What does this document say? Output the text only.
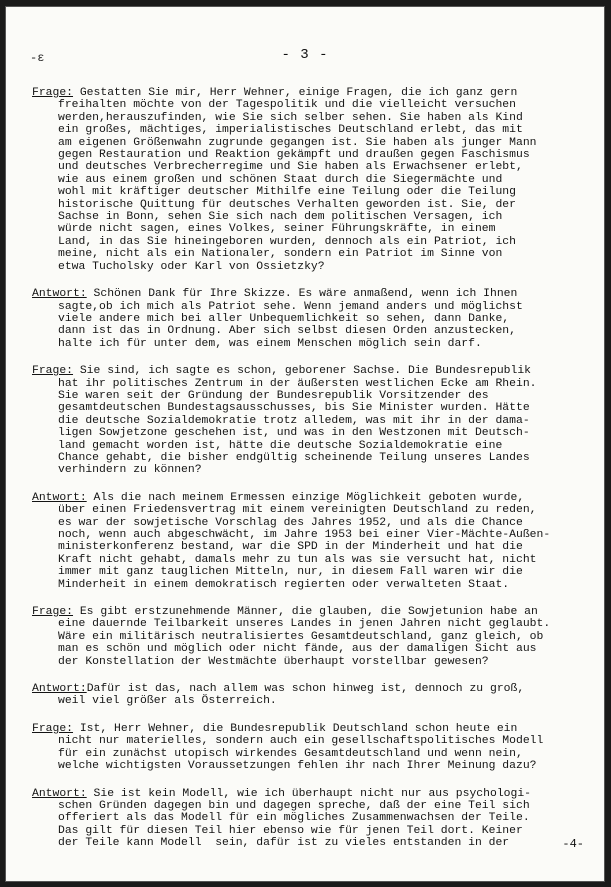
-ε	- 3 -
Frage: Gestatten Sie mir, Herr Wehner, einige Fragen, die ich ganz gern
freihalten möchte von der Tagespolitik und die vielleicht versuchen
werden,herauszufinden, wie Sie sich selber sehen. Sie haben als Kind
ein großes, mächtiges, imperialistisches Deutschland erlebt, das mit
am eigenen Größenwahn zugrunde gegangen ist. Sie haben als junger Mann
gegen Restauration und Reaktion gekämpft und draußen gegen Faschismus
und deutsches Verbrecherregime und Sie haben als Erwachsener erlebt,
wie aus einem großen und schönen Staat durch die Siegermächte und
wohl mit kräftiger deutscher Mithilfe eine Teilung oder die Teilung
historische Quittung für deutsches Verhalten geworden ist. Sie, der
Sachse in Bonn, sehen Sie sich nach dem politischen Versagen, ich
würde nicht sagen, eines Volkes, seiner Führungskräfte, in einem
Land, in das Sie hineingeboren wurden, dennoch als ein Patriot, ich
meine, nicht als ein Nationaler, sondern ein Patriot im Sinne von
etwa Tucholsky oder Karl von Ossietzky?
Antwort: Schönen Dank für Ihre Skizze. Es wäre anmaßend, wenn ich Ihnen
sagte,ob ich mich als Patriot sehe. Wenn jemand anders und möglichst
viele andere mich bei aller Unbequemlichkeit so sehen, dann Danke,
dann ist das in Ordnung. Aber sich selbst diesen Orden anzustecken,
halte ich für unter dem, was einem Menschen möglich sein darf.
Frage: Sie sind, ich sagte es schon, geborener Sachse. Die Bundesrepublik
hat ihr politisches Zentrum in der äußersten westlichen Ecke am Rhein.
Sie waren seit der Gründung der Bundesrepublik Vorsitzender des
gesamtdeutschen Bundestagsausschusses, bis Sie Minister wurden. Hätte
die deutsche Sozialdemokratie trotz alledem, was mit ihr in der dama-
ligen Sowjetzone geschehen ist, und was in den Westzonen mit Deutsch-
land gemacht worden ist, hätte die deutsche Sozialdemokratie eine
Chance gehabt, die bisher endgültig scheinende Teilung unseres Landes
verhindern zu können?
Antwort: Als die nach meinem Ermessen einzige Möglichkeit geboten wurde,
über einen Friedensvertrag mit einem vereinigten Deutschland zu reden,
es war der sowjetische Vorschlag des Jahres 1952, und als die Chance
noch, wenn auch abgeschwächt, im Jahre 1953 bei einer Vier-Mächte-Außen-
ministerkonferenz bestand, war die SPD in der Minderheit und hat die
Kraft nicht gehabt, damals mehr zu tun als was sie versucht hat, nicht
immer mit ganz tauglichen Mitteln, nur, in diesem Fall waren wir die
Minderheit in einem demokratisch regierten oder verwalteten Staat.
Frage: Es gibt erstzunehmende Männer, die glauben, die Sowjetunion habe an
eine dauernde Teilbarkeit unseres Landes in jenen Jahren nicht geglaubt.
Wäre ein militärisch neutralisiertes Gesamtdeutschland, ganz gleich, ob
man es schön und möglich oder nicht fände, aus der damaligen Sicht aus
der Konstellation der Westmächte überhaupt vorstellbar gewesen?
Antwort:Dafür ist das, nach allem was schon hinweg ist, dennoch zu groß,
weil viel größer als Österreich.
Frage: Ist, Herr Wehner, die Bundesrepublik Deutschland schon heute ein
nicht nur materielles, sondern auch ein gesellschaftspolitisches Modell
für ein zunächst utopisch wirkendes Gesamtdeutschland und wenn nein,
welche wichtigsten Voraussetzungen fehlen ihr nach Ihrer Meinung dazu?
Antwort: Sie ist kein Modell, wie ich überhaupt nicht nur aus psychologi-
schen Gründen dagegen bin und dagegen spreche, daß der eine Teil sich
offeriert als das Modell für ein mögliches Zusammenwachsen der Teile.
Das gilt für diesen Teil hier ebenso wie für jenen Teil dort. Keiner
der Teile kann Modell  sein, dafür ist zu vieles entstanden in der	-4-
